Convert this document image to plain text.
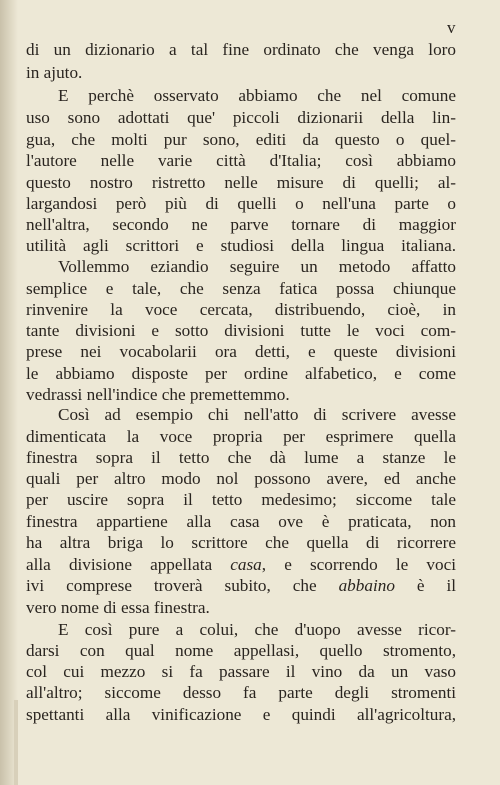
v
di un dizionario a tal fine ordinato che venga loro
in ajuto.
E perchè osservato abbiamo che nel comune
uso sono adottati que' piccoli dizionarii della lin-
gua, che molti pur sono, editi da questo o quel-
l'autore nelle varie città d'Italia; così abbiamo
questo nostro ristretto nelle misure di quelli; al-
largandosi però più di quelli o nell'una parte o
nell'altra, secondo ne parve tornare di maggior
utilità agli scrittori e studiosi della lingua italiana.
Vollemmo eziandio seguire un metodo affatto
semplice e tale, che senza fatica possa chiunque
rinvenire la voce cercata, distribuendo, cioè, in
tante divisioni e sotto divisioni tutte le voci com-
prese nei vocabolarii ora detti, e queste divisioni
le abbiamo disposte per ordine alfabetico, e come
vedrassi nell'indice che premettemmo.
Così ad esempio chi nell'atto di scrivere avesse
dimenticata la voce propria per esprimere quella
finestra sopra il tetto che dà lume a stanze le
quali per altro modo nol possono avere, ed anche
per uscire sopra il tetto medesimo; siccome tale
finestra appartiene alla casa ove è praticata, non
ha altra briga lo scrittore che quella di ricorrere
alla divisione appellata casa, e scorrendo le voci
ivi comprese troverà subito, che abbaino è il
vero nome di essa finestra.
E così pure a colui, che d'uopo avesse ricor-
darsi con qual nome appellasi, quello stromento,
col cui mezzo si fa passare il vino da un vaso
all'altro; siccome desso fa parte degli stromenti
spettanti alla vinificazione e quindi all'agricoltura,
